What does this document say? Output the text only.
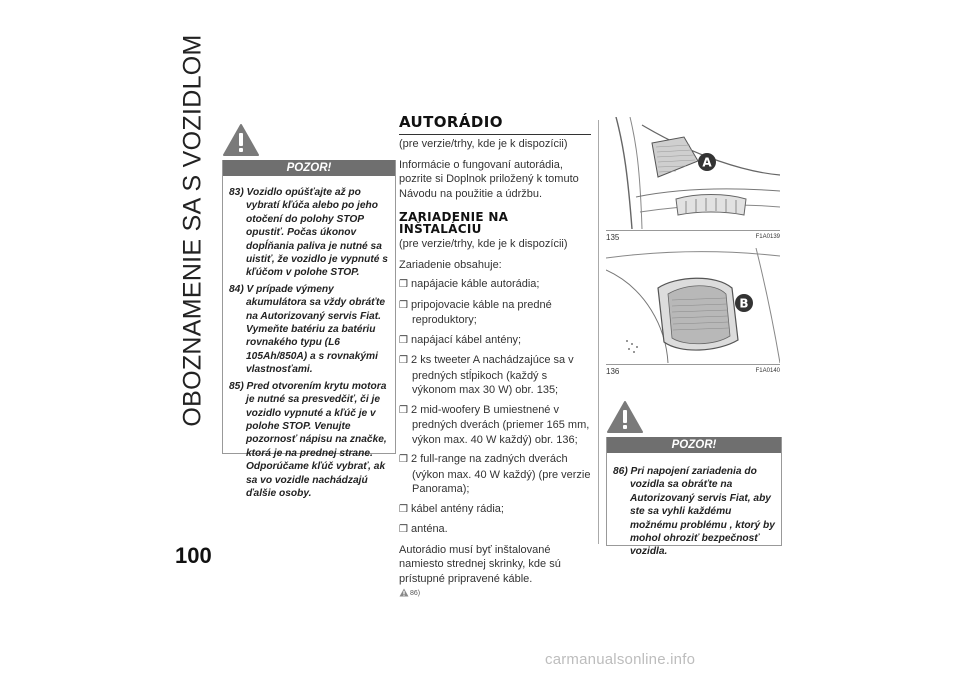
OBOZNAMENIE SA S VOZIDLOM
100
POZOR!

83) Vozidlo opúšťajte až po vybratí kľúča alebo po jeho otočení do polohy STOP opustiť. Počas úkonov dopĺňania paliva je nutné sa uistiť, že vozidlo je vypnuté s kľúčom v polohe STOP.

84) V prípade výmeny akumulátora sa vždy obráťte na Autorizovaný servis Fiat. Vymeňte batériu za batériu rovnakého typu (L6 105Ah/850A) a s rovnakými vlastnosťami.

85) Pred otvorením krytu motora je nutné sa presvedčiť, či je vozidlo vypnuté a kľúč je v polohe STOP. Venujte pozornosť nápisu na značke, ktorá je na prednej strane. Odporúčame kľúč vybrať, ak sa vo vozidle nachádzajú ďalšie osoby.

AUTORÁDIO

(pre verzie/trhy, kde je k dispozícii)

Informácie o fungovaní autorádia, pozrite si Doplnok priložený k tomuto Návodu na použitie a údržbu.

ZARIADENIE NA
INŠTALÁCIU

(pre verzie/trhy, kde je k dispozícii)

Zariadenie obsahuje:

❒ napájacie káble autorádia;

❒ pripojovacie káble na predné reproduktory;

❒ napájací kábel antény;

❒ 2 ks tweeter A nachádzajúce sa v predných stĺpikoch (každý s výkonom max 30 W) obr. 135;

❒ 2 mid-woofery B umiestnené v predných dverách (priemer 165 mm, výkon max. 40 W každý) obr. 136;

❒ 2 full-range na zadných dverách (výkon max. 40 W každý) (pre verzie Panorama);

❒ kábel antény rádia;

❒ anténa.

Autorádio musí byť inštalované namiesto strednej skrinky, kde sú prístupné pripravené káble.

86)
A
135	F1A0139
B
136	F1A0140
POZOR!

86) Pri napojení zariadenia do vozidla sa obráťte na Autorizovaný servis Fiat, aby ste sa vyhli každému možnému problému , ktorý by mohol ohroziť bezpečnosť vozidla.

carmanualsonline.info
